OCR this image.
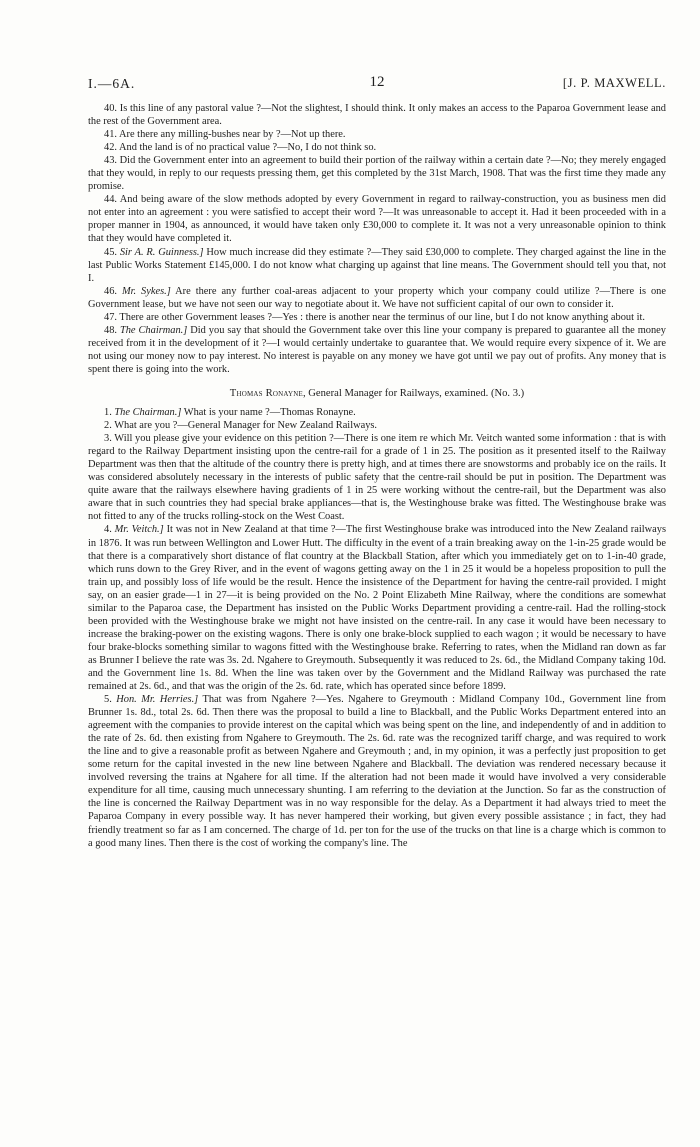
I.—6A.	12	[J. P. MAXWELL.

40. Is this line of any pastoral value ?—Not the slightest, I should think. It only makes an access to the Paparoa Government lease and the rest of the Government area.

41. Are there any milling-bushes near by ?—Not up there.

42. And the land is of no practical value ?—No, I do not think so.

43. Did the Government enter into an agreement to build their portion of the railway within a certain date ?—No; they merely engaged that they would, in reply to our requests pressing them, get this completed by the 31st March, 1908. That was the first time they made any promise.

44. And being aware of the slow methods adopted by every Government in regard to railway-construction, you as business men did not enter into an agreement : you were satisfied to accept their word ?—It was unreasonable to accept it. Had it been proceeded with in a proper manner in 1904, as announced, it would have taken only £30,000 to complete it. It was not a very unreasonable opinion to think that they would have completed it.

45. Sir A. R. Guinness.] How much increase did they estimate ?—They said £30,000 to complete. They charged against the line in the last Public Works Statement £145,000. I do not know what charging up against that line means. The Government should tell you that, not I.

46. Mr. Sykes.] Are there any further coal-areas adjacent to your property which your company could utilize ?—There is one Government lease, but we have not seen our way to negotiate about it. We have not sufficient capital of our own to consider it.

47. There are other Government leases ?—Yes : there is another near the terminus of our line, but I do not know anything about it.

48. The Chairman.] Did you say that should the Government take over this line your company is prepared to guarantee all the money received from it in the development of it ?—I would certainly undertake to guarantee that. We would require every sixpence of it. We are not using our money now to pay interest. No interest is payable on any money we have got until we pay out of profits. Any money that is spent there is going into the work.

Thomas Ronayne, General Manager for Railways, examined. (No. 3.)

1. The Chairman.] What is your name ?—Thomas Ronayne.

2. What are you ?—General Manager for New Zealand Railways.

3. Will you please give your evidence on this petition ?—There is one item re which Mr. Veitch wanted some information : that is with regard to the Railway Department insisting upon the centre-rail for a grade of 1 in 25. The position as it presented itself to the Railway Department was then that the altitude of the country there is pretty high, and at times there are snowstorms and probably ice on the rails. It was considered absolutely necessary in the interests of public safety that the centre-rail should be put in position. The Department was quite aware that the railways elsewhere having gradients of 1 in 25 were working without the centre-rail, but the Department was also aware that in such countries they had special brake appliances—that is, the Westinghouse brake was fitted. The Westinghouse brake was not fitted to any of the trucks rolling-stock on the West Coast.

4. Mr. Veitch.] It was not in New Zealand at that time ?—The first Westinghouse brake was introduced into the New Zealand railways in 1876. It was run between Wellington and Lower Hutt. The difficulty in the event of a train breaking away on the 1-in-25 grade would be that there is a comparatively short distance of flat country at the Blackball Station, after which you immediately get on to 1-in-40 grade, which runs down to the Grey River, and in the event of wagons getting away on the 1 in 25 it would be a hopeless proposition to pull the train up, and possibly loss of life would be the result. Hence the insistence of the Department for having the centre-rail provided. I might say, on an easier grade—1 in 27—it is being provided on the No. 2 Point Elizabeth Mine Railway, where the conditions are somewhat similar to the Paparoa case, the Department has insisted on the Public Works Department providing a centre-rail. Had the rolling-stock been provided with the Westinghouse brake we might not have insisted on the centre-rail. In any case it would have been necessary to increase the braking-power on the existing wagons. There is only one brake-block supplied to each wagon ; it would be necessary to have four brake-blocks something similar to wagons fitted with the Westinghouse brake. Referring to rates, when the Midland ran down as far as Brunner I believe the rate was 3s. 2d. Ngahere to Greymouth. Subsequently it was reduced to 2s. 6d., the Midland Company taking 10d. and the Government line 1s. 8d. When the line was taken over by the Government and the Midland Railway was purchased the rate remained at 2s. 6d., and that was the origin of the 2s. 6d. rate, which has operated since before 1899.

5. Hon. Mr. Herries.] That was from Ngahere ?—Yes. Ngahere to Greymouth : Midland Company 10d., Government line from Brunner 1s. 8d., total 2s. 6d. Then there was the proposal to build a line to Blackball, and the Public Works Department entered into an agreement with the companies to provide interest on the capital which was being spent on the line, and independently of and in addition to the rate of 2s. 6d. then existing from Ngahere to Greymouth. The 2s. 6d. rate was the recognized tariff charge, and was required to work the line and to give a reasonable profit as between Ngahere and Greymouth ; and, in my opinion, it was a perfectly just proposition to get some return for the capital invested in the new line between Ngahere and Blackball. The deviation was rendered necessary because it involved reversing the trains at Ngahere for all time. If the alteration had not been made it would have involved a very considerable expenditure for all time, causing much unnecessary shunting. I am referring to the deviation at the Junction. So far as the construction of the line is concerned the Railway Department was in no way responsible for the delay. As a Department it had always tried to meet the Paparoa Company in every possible way. It has never hampered their working, but given every possible assistance ; in fact, they had friendly treatment so far as I am concerned. The charge of 1d. per ton for the use of the trucks on that line is a charge which is common to a good many lines. Then there is the cost of working the company's line. The
